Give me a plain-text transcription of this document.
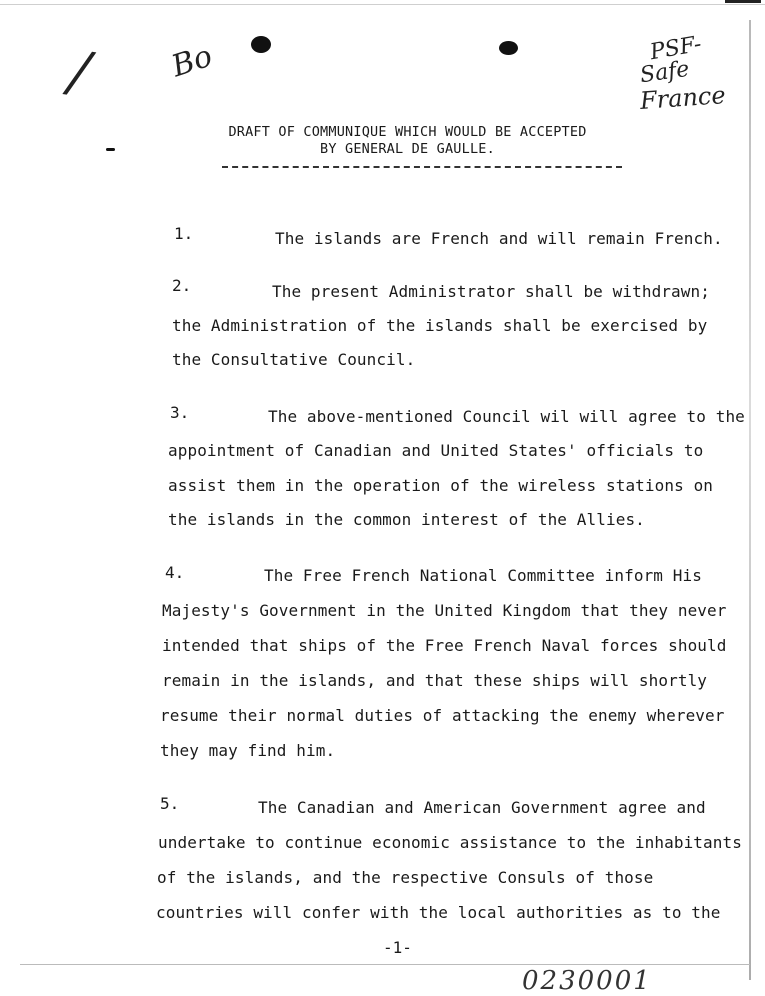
/ Bo	PSF-
Safe
France
DRAFT OF COMMUNIQUE WHICH WOULD BE ACCEPTED
BY GENERAL DE GAULLE.
1.	The islands are French and will remain French.
2.	The present Administrator shall be withdrawn;
the Administration of the islands shall be exercised by
the Consultative Council.
3.	The above-mentioned Council wil will agree to the
appointment of Canadian and United States' officials to
assist them in the operation of the wireless stations on
the islands in the common interest of the Allies.
4.	The Free French National Committee inform His
Majesty's Government in the United Kingdom that they never
intended that ships of the Free French Naval forces should
remain in the islands, and that these ships will shortly
resume their normal duties of attacking the enemy wherever
they may find him.
5.	The Canadian and American Government agree and
undertake to continue economic assistance to the inhabitants
of the islands, and the respective Consuls of those
countries will confer with the local authorities as to the
-1-
0230001
